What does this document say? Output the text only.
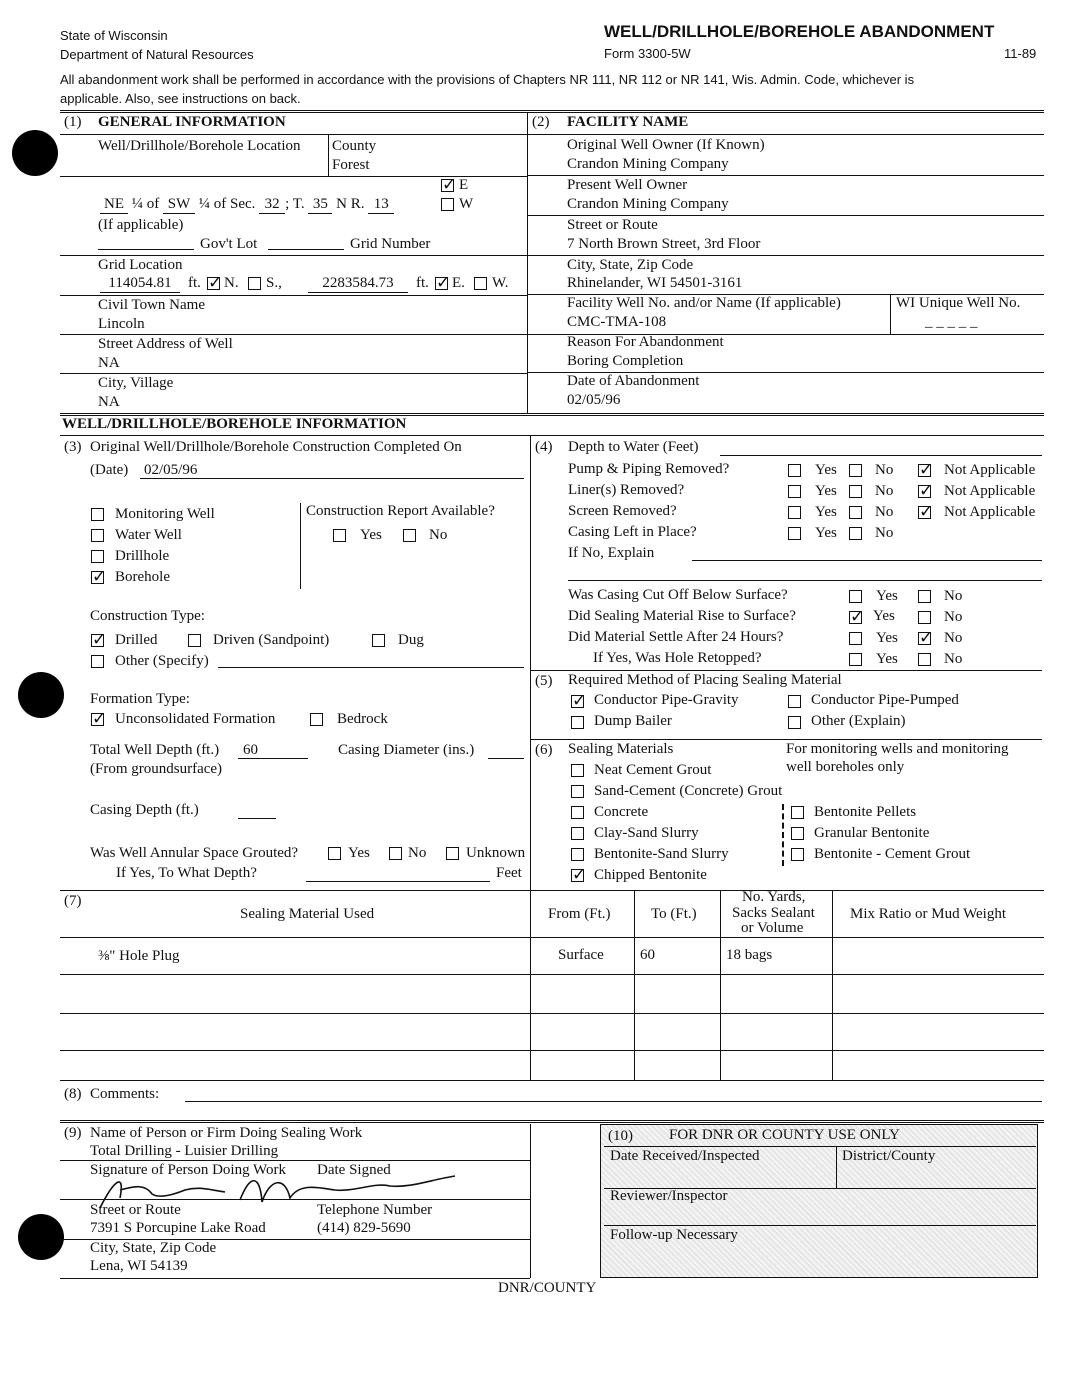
State of Wisconsin
Department of Natural Resources
WELL/DRILLHOLE/BOREHOLE ABANDONMENT
Form 3300-5W	11-89
All abandonment work shall be performed in accordance with the provisions of Chapters NR 111, NR 112 or NR 141, Wis. Admin. Code, whichever is
applicable. Also, see instructions on back.
(1) GENERAL INFORMATION
Well/Drillhole/Borehole Location County
Forest
✓
E
NE ¼ of SW ¼ of Sec. 32 ; T. 35 N R. 13	W
(If applicable)
Gov't Lot	Grid Number
Grid Location
114054.81	ft. ✓ N. S.,	2283584.73	ft. ✓ E. W.
Civil Town Name
Lincoln
Street Address of Well
NA
City, Village
NA
(2) FACILITY NAME
Original Well Owner (If Known)
Crandon Mining Company
Present Well Owner
Crandon Mining Company
Street or Route
7 North Brown Street, 3rd Floor
City, State, Zip Code
Rhinelander, WI 54501-3161
Facility Well No. and/or Name (If applicable)
CMC-TMA-108
WI Unique Well No.
_ _ _ _ _
Reason For Abandonment
Boring Completion
Date of Abandonment
02/05/96
WELL/DRILLHOLE/BOREHOLE INFORMATION
(3) Original Well/Drillhole/Borehole Construction Completed On
(Date) 02/05/96
Monitoring Well
Water Well
Drillhole
✓
Borehole
Construction Report Available?
Yes	No
Construction Type:
✓
Drilled	Driven (Sandpoint)	Dug
Other (Specify)
Formation Type:
✓
Unconsolidated Formation	Bedrock
Total Well Depth (ft.) 60
(From groundsurface)
Casing Diameter (ins.)
Casing Depth (ft.)
Was Well Annular Space Grouted?	Yes	No	Unknown
If Yes, To What Depth?	Feet
(4) Depth to Water (Feet)
Pump & Piping Removed?	Yes	No ✓	Not Applicable
Liner(s) Removed?	Yes	No ✓	Not Applicable
Screen Removed?	Yes	No ✓	Not Applicable
Casing Left in Place?	Yes	No
If No, Explain
Was Casing Cut Off Below Surface?	Yes	No
Did Sealing Material Rise to Surface? ✓	Yes	No
Did Material Settle After 24 Hours?	Yes ✓	No
If Yes, Was Hole Retopped?	Yes	No
(5) Required Method of Placing Sealing Material
✓
Conductor Pipe-Gravity	Conductor Pipe-Pumped
Dump Bailer	Other (Explain)
(6) Sealing Materials	For monitoring wells and monitoring
well boreholes only
Neat Cement Grout
Sand-Cement (Concrete) Grout
Concrete
Clay-Sand Slurry
Bentonite-Sand Slurry
✓
Chipped Bentonite
Bentonite Pellets
Granular Bentonite
Bentonite - Cement Grout
(7)
Sealing Material Used	From (Ft.)	To (Ft.)
No. Yards,
Sacks Sealant
or Volume
Mix Ratio or Mud Weight
⅜" Hole Plug	Surface 60	18 bags
(8) Comments:
(9) Name of Person or Firm Doing Sealing Work
Total Drilling - Luisier Drilling
Signature of Person Doing Work Date Signed
Street or Route	Telephone Number
7391 S Porcupine Lake Road	(414) 829-5690
City, State, Zip Code
Lena, WI 54139
(10) FOR DNR OR COUNTY USE ONLY
Date Received/Inspected	District/County
Reviewer/Inspector
Follow-up Necessary
DNR/COUNTY
